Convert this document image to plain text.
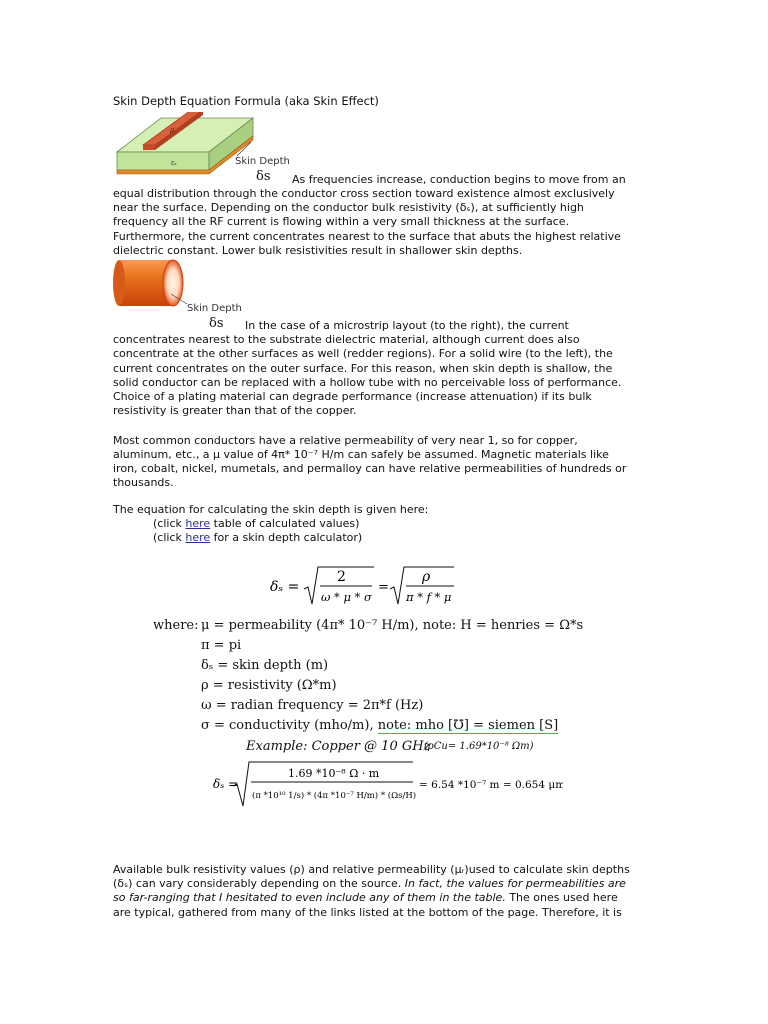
Skin Depth Equation Formula (aka Skin Effect)
ρ
εᵣ	Skin Depth
δs As frequencies increase, conduction begins to move from an
equal distribution through the conductor cross section toward existence almost exclusively
near the surface. Depending on the conductor bulk resistivity (δₛ), at sufficiently high
frequency all the RF current is flowing within a very small thickness at the surface.
Furthermore, the current concentrates nearest to the surface that abuts the highest relative
dielectric constant. Lower bulk resistivities result in shallower skin depths.
Skin Depth
δs In the case of a microstrip layout (to the right), the current
concentrates nearest to the substrate dielectric material, although current does also
concentrate at the other surfaces as well (redder regions). For a solid wire (to the left), the
current concentrates on the outer surface. For this reason, when skin depth is shallow, the
solid conductor can be replaced with a hollow tube with no perceivable loss of performance.
Choice of a plating material can degrade performance (increase attenuation) if its bulk
resistivity is greater than that of the copper.
Most common conductors have a relative permeability of very near 1, so for copper,
aluminum, etc., a μ value of 4π* 10⁻⁷ H/m can safely be assumed. Magnetic materials like
iron, cobalt, nickel, mumetals, and permalloy can have relative permeabilities of hundreds or
thousands.
The equation for calculating the skin depth is given here:
(click here table of calculated values)
(click here for a skin depth calculator)
δₛ =
2
ω * μ * σ
=
ρ
π * f * μ
where: μ = permeability (4π* 10⁻⁷ H/m), note: H = henries = Ω*s
π = pi
δₛ = skin depth (m)
ρ = resistivity (Ω*m)
ω = radian frequency = 2π*f (Hz)
σ = conductivity (mho/m), note: mho [℧] = siemen [S]
Example: Copper @ 10 GHz
(ρCu= 1.69*10⁻⁸ Ωm)
δₛ =
1.69 *10⁻⁸ Ω · m
(π *10¹⁰ 1/s) * (4π *10⁻⁷ H/m) * (Ωs/H)
= 6.54 *10⁻⁷ m = 0.654 μm
Available bulk resistivity values (ρ) and relative permeability (μᵣ)used to calculate skin depths
(δₛ) can vary considerably depending on the source. In fact, the values for permeabilities are
so far-ranging that I hesitated to even include any of them in the table. The ones used here
are typical, gathered from many of the links listed at the bottom of the page. Therefore, it is
